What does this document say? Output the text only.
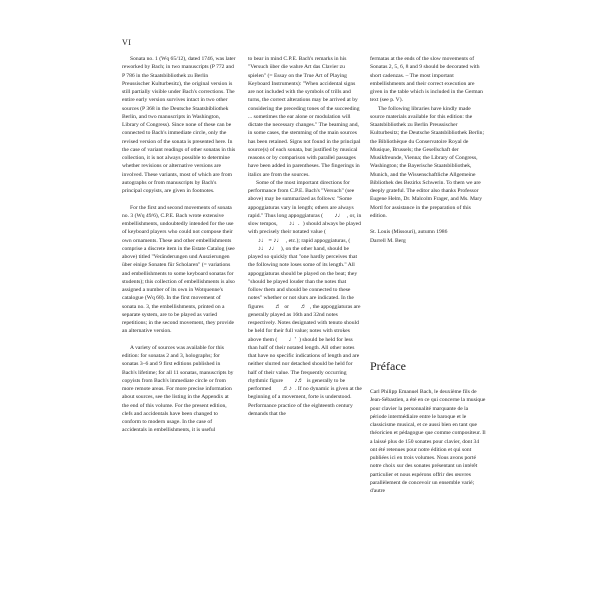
VI

Sonata no. 1 (Wq 65/12), dated 1746, was later reworked by Bach; in two manuscripts (P 772 and P 786 in the Staatsbibliothek zu Berlin Preussischer Kulturbesitz), the original version is still partially visible under Bach's corrections. The entire early version survives intact in two other sources (P 368 in the Deutsche Staatsbibliothek Berlin, and two manuscripts in Washington, Library of Congress). Since none of these can be connected to Bach's immediate circle, only the revised version of the sonata is presented here. In the case of variant readings of other sonatas in this collection, it is not always possible to determine whether revisions or alternative versions are involved. These variants, most of which are from autographs or from manuscripts by Bach's principal copyists, are given in footnotes.

For the first and second movements of sonata no. 3 (Wq 49/6), C.P.E. Bach wrote extensive embellishments, undoubtedly intended for the use of keyboard players who could not compose their own ornaments. These and other embellishments comprise a discrete item in the Estate Catalog (see above) titled "Veränderungen und Auszierungen über einige Sonaten für Scholaren" (= variations and embellishments to some keyboard sonatas for students); this collection of embellishments is also assigned a number of its own in Wotquenne's catalogue (Wq 68). In the first movement of sonata no. 3, the embellishments, printed on a separate system, are to be played as varied repetitions; in the second movement, they provide an alternative version.

A variety of sources was available for this edition: for sonatas 2 and 3, holographs; for sonatas 3–6 and 9 first editions published in Bach's lifetime; for all 11 sonatas, manuscripts by copyists from Bach's immediate circle or from more remote areas. For more precise information about sources, see the listing in the Appendix at the end of this volume. For the present edition, clefs and accidentals have been changed to conform to modern usage. In the case of accidentals in embellishments, it is useful

to bear in mind C.P.E. Bach's remarks in his "Versuch über die wahre Art das Clavier zu spielen" (= Essay on the True Art of Playing Keyboard Instruments): "When accidental signs are not included with the symbols of trills and turns, the correct alterations may be arrived at by considering the preceding tones of the succeeding ... sometimes the ear alone or modulation will dictate the necessary changes." The beaming and, in some cases, the stemming of the main sources has been retained. Signs not found in the principal source(s) of each sonata, but justified by musical reasons or by comparison with parallel passages have been added in parentheses. The fingerings in italics are from the sources.

Some of the most important directions for performance from C.P.E. Bach's "Versuch" (see above) may be summarized as follows: "Some appoggiaturas vary in length; others are always rapid." Thus long appoggiaturas ( ♪♩ , or, in slow tempos, ♪♩. ) should always be played with precisely their notated value ( ♪♩ = ♪♩ , etc.); rapid appoggiaturas, ( ♪♩ ♪♩ ), on the other hand, should be played so quickly that "one hardly perceives that the following note loses some of its length." All appoggiaturas should be played on the beat; they "should be played louder than the notes that follow them and should be connected to these notes" whether or not slurs are indicated. In the figures ♬ or ♬ , the appoggiaturas are generally played as 16th and 32nd notes respectively. Notes designated with tenuto should be held for their full value; notes with strokes above them ( ♩' ) should be held for less than half of their notated length. All other notes that have no specific indications of length and are neither slurred nor detached should be held for half of their value. The frequently occurring rhythmic figure ♪♬ is generally to be performed ♬♪ . If no dynamic is given at the beginning of a movement, forte is understood. Performance practice of the eighteenth century demands that the

fermatas at the ends of the slow movements of Sonatas 2, 5, 6, 8 and 9 should be decorated with short cadenzas. – The most important embellishments and their correct execution are given in the table which is included in the German text (see p. V).

The following libraries have kindly made source materials available for this edition: the Staatsbibliothek zu Berlin Preussischer Kulturbesitz; the Deutsche Staatsbibliothek Berlin; the Bibliothèque du Conservatoire Royal de Musique, Brussels; the Gesellschaft der Musikfreunde, Vienna; the Library of Congress, Washington; the Bayerische Staatsbibliothek, Munich, and the Wissenschaftliche Allgemeine Bibliothek des Bezirks Schwerin. To them we are deeply grateful. The editor also thanks Professor Eugene Helm, Dr. Malcolm Frager, and Ms. Mary Mortl for assistance in the preparation of this edition.

St. Louis (Missouri), autumn 1986

Darrell M. Berg

Préface

Carl Philipp Emanuel Bach, le deuxième fils de Jean-Sébastien, a été en ce qui concerne la musique pour clavier la personnalité marquante de la période intermédiaire entre le baroque et le classicisme musical, et ce aussi bien en tant que théoricien et pédagogue que comme compositeur. Il a laissé plus de 150 sonates pour clavier, dont 34 ont été retenues pour notre édition et qui sont publiées ici en trois volumes. Nous avons porté notre choix sur des sonates présentant un intérêt particulier et nous espérons offrir des œuvres parallèlement de concevoir un ensemble varié; d'autre
